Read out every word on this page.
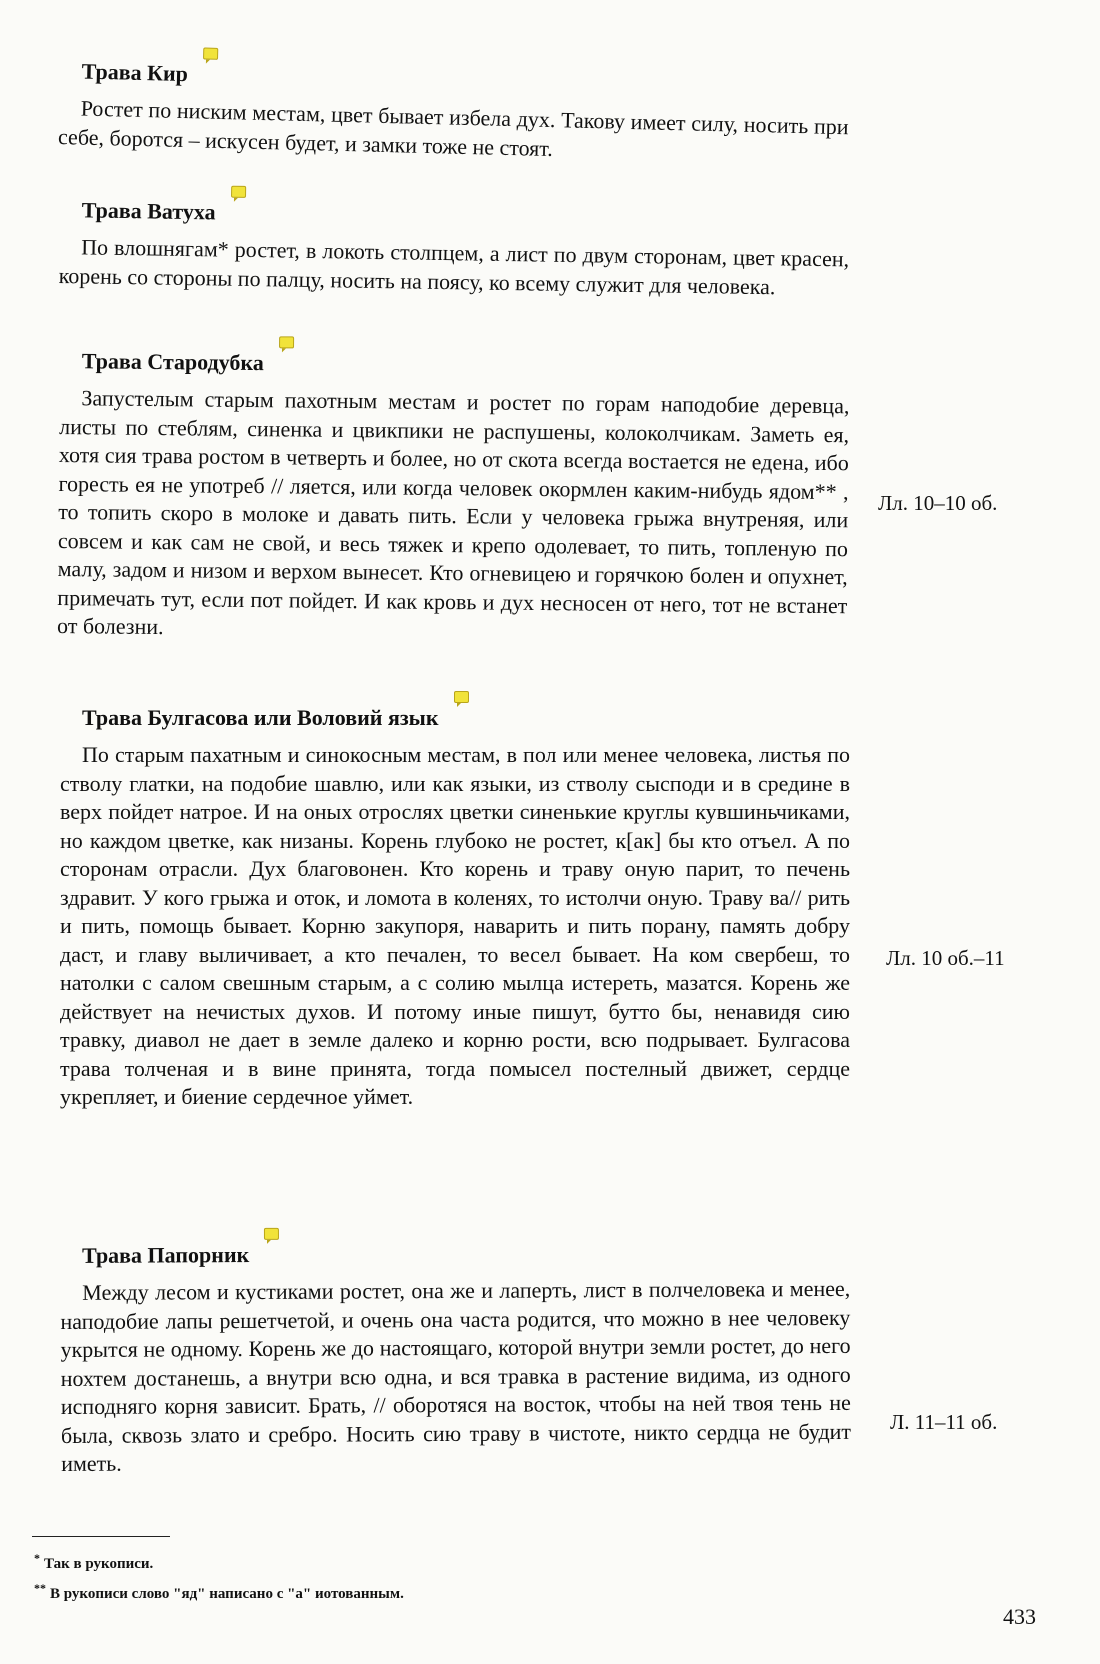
Трава Кир

Ростет по ниским местам, цвет бывает избела дух. Такову имеет силу, носить при себе, боротся – искусен будет, и замки тоже не стоят.

Трава Ватуха

По влошнягам* ростет, в локоть столпцем, а лист по двум сторонам, цвет красен, корень со стороны по палцу, носить на поясу, ко всему служит для человека.

Трава Стародубка

Запустелым старым пахотным местам и ростет по горам наподобие деревца, листы по стеблям, синенка и цвикпики не распушены, колоколчикам. Заметь ея, хотя сия трава ростом в четверть и более, но от скота всегда востается не едена, ибо горесть ея не употреб // ляется, или когда человек окормлен каким-нибудь ядом** , то топить скоро в молоке и давать пить. Если у человека грыжа внутреняя, или совсем и как сам не свой, и весь тяжек и крепо одолевает, то пить, топленую по малу, задом и низом и верхом вынесет. Кто огневицею и горячкою болен и опухнет, примечать тут, если пот пойдет. И как кровь и дух несносен от него, тот не встанет от болезни.

Трава Булгасова или Воловий язык

По старым пахатным и синокосным местам, в пол или менее человека, листья по стволу глатки, на подобие шавлю, или как языки, из стволу сысподи и в средине в верх пойдет натрое. И на оных отрослях цветки синенькие круглы кувшиньчиками, но каждом цветке, как низаны. Корень глубоко не ростет, к[ак] бы кто отъел. А по сторонам отрасли. Дух благовонен. Кто корень и траву оную парит, то печень здравит. У кого грыжа и оток, и ломота в коленях, то истолчи оную. Траву ва// рить и пить, помощь бывает. Корню закупоря, наварить и пить порану, память добру даст, и главу выличивает, а кто печален, то весел бывает. На ком свербеш, то натолки с салом свешным старым, а с солию мылца истереть, мазатся. Корень же действует на нечистых духов. И потому иные пишут, бутто бы, ненавидя сию травку, диавол не дает в земле далеко и корню рости, всю подрывает. Булгасова трава толченая и в вине принята, тогда помысел постелный движет, сердце укрепляет, и биение сердечное уймет.

Трава Папорник

Между лесом и кустиками ростет, она же и лаперть, лист в полчеловека и менее, наподобие лапы решетчетой, и очень она часта родится, что можно в нее человеку укрытся не одному. Корень же до настоящаго, которой внутри земли ростет, до него нохтем достанешь, а внутри всю одна, и вся травка в растение видима, из одного исподняго корня зависит. Брать, // оборотяся на восток, чтобы на ней твоя тень не была, сквозь злато и сребро. Носить сию траву в чистоте, никто сердца не будит иметь.

Лл. 10–10 об.
Лл. 10 об.–11
Л. 11–11 об.

* Так в рукописи.

** В рукописи слово "яд" написано с "а" иотованным.

433
